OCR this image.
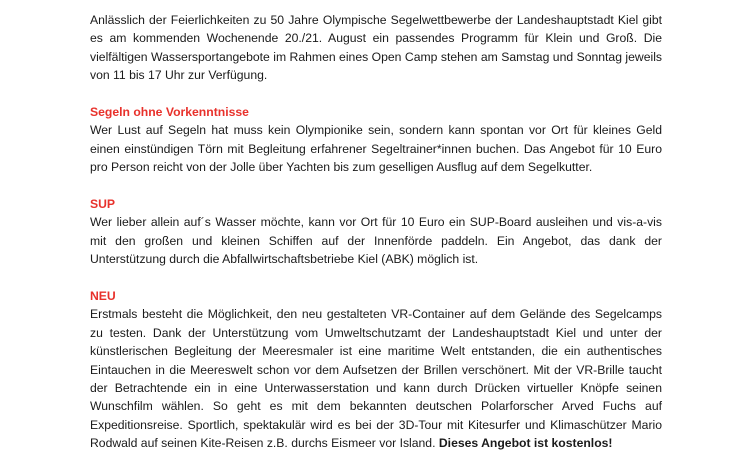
Anlässlich der Feierlichkeiten zu 50 Jahre Olympische Segelwettbewerbe der Landeshauptstadt Kiel gibt es am kommenden Wochenende 20./21. August ein passendes Programm für Klein und Groß. Die vielfältigen Wassersportangebote im Rahmen eines Open Camp stehen am Samstag und Sonntag jeweils von 11 bis 17 Uhr zur Verfügung.

Segeln ohne Vorkenntnisse

Wer Lust auf Segeln hat muss kein Olympionike sein, sondern kann spontan vor Ort für kleines Geld einen einstündigen Törn mit Begleitung erfahrener Segeltrainer*innen buchen. Das Angebot für 10 Euro pro Person reicht von der Jolle über Yachten bis zum geselligen Ausflug auf dem Segelkutter.

SUP

Wer lieber allein auf´s Wasser möchte, kann vor Ort für 10 Euro ein SUP-Board ausleihen und vis-a-vis mit den großen und kleinen Schiffen auf der Innenförde paddeln. Ein Angebot, das dank der Unterstützung durch die Abfallwirtschaftsbetriebe Kiel (ABK) möglich ist.

NEU

Erstmals besteht die Möglichkeit, den neu gestalteten VR-Container auf dem Gelände des Segelcamps zu testen. Dank der Unterstützung vom Umweltschutzamt der Landeshauptstadt Kiel und unter der künstlerischen Begleitung der Meeresmaler ist eine maritime Welt entstanden, die ein authentisches Eintauchen in die Meereswelt schon vor dem Aufsetzen der Brillen verschönert. Mit der VR-Brille taucht der Betrachtende ein in eine Unterwasserstation und kann durch Drücken virtueller Knöpfe seinen Wunschfilm wählen. So geht es mit dem bekannten deutschen Polarforscher Arved Fuchs auf Expeditionsreise. Sportlich, spektakulär wird es bei der 3D-Tour mit Kitesurfer und Klimaschützer Mario Rodwald auf seinen Kite-Reisen z.B. durchs Eismeer vor Island. Dieses Angebot ist kostenlos!
